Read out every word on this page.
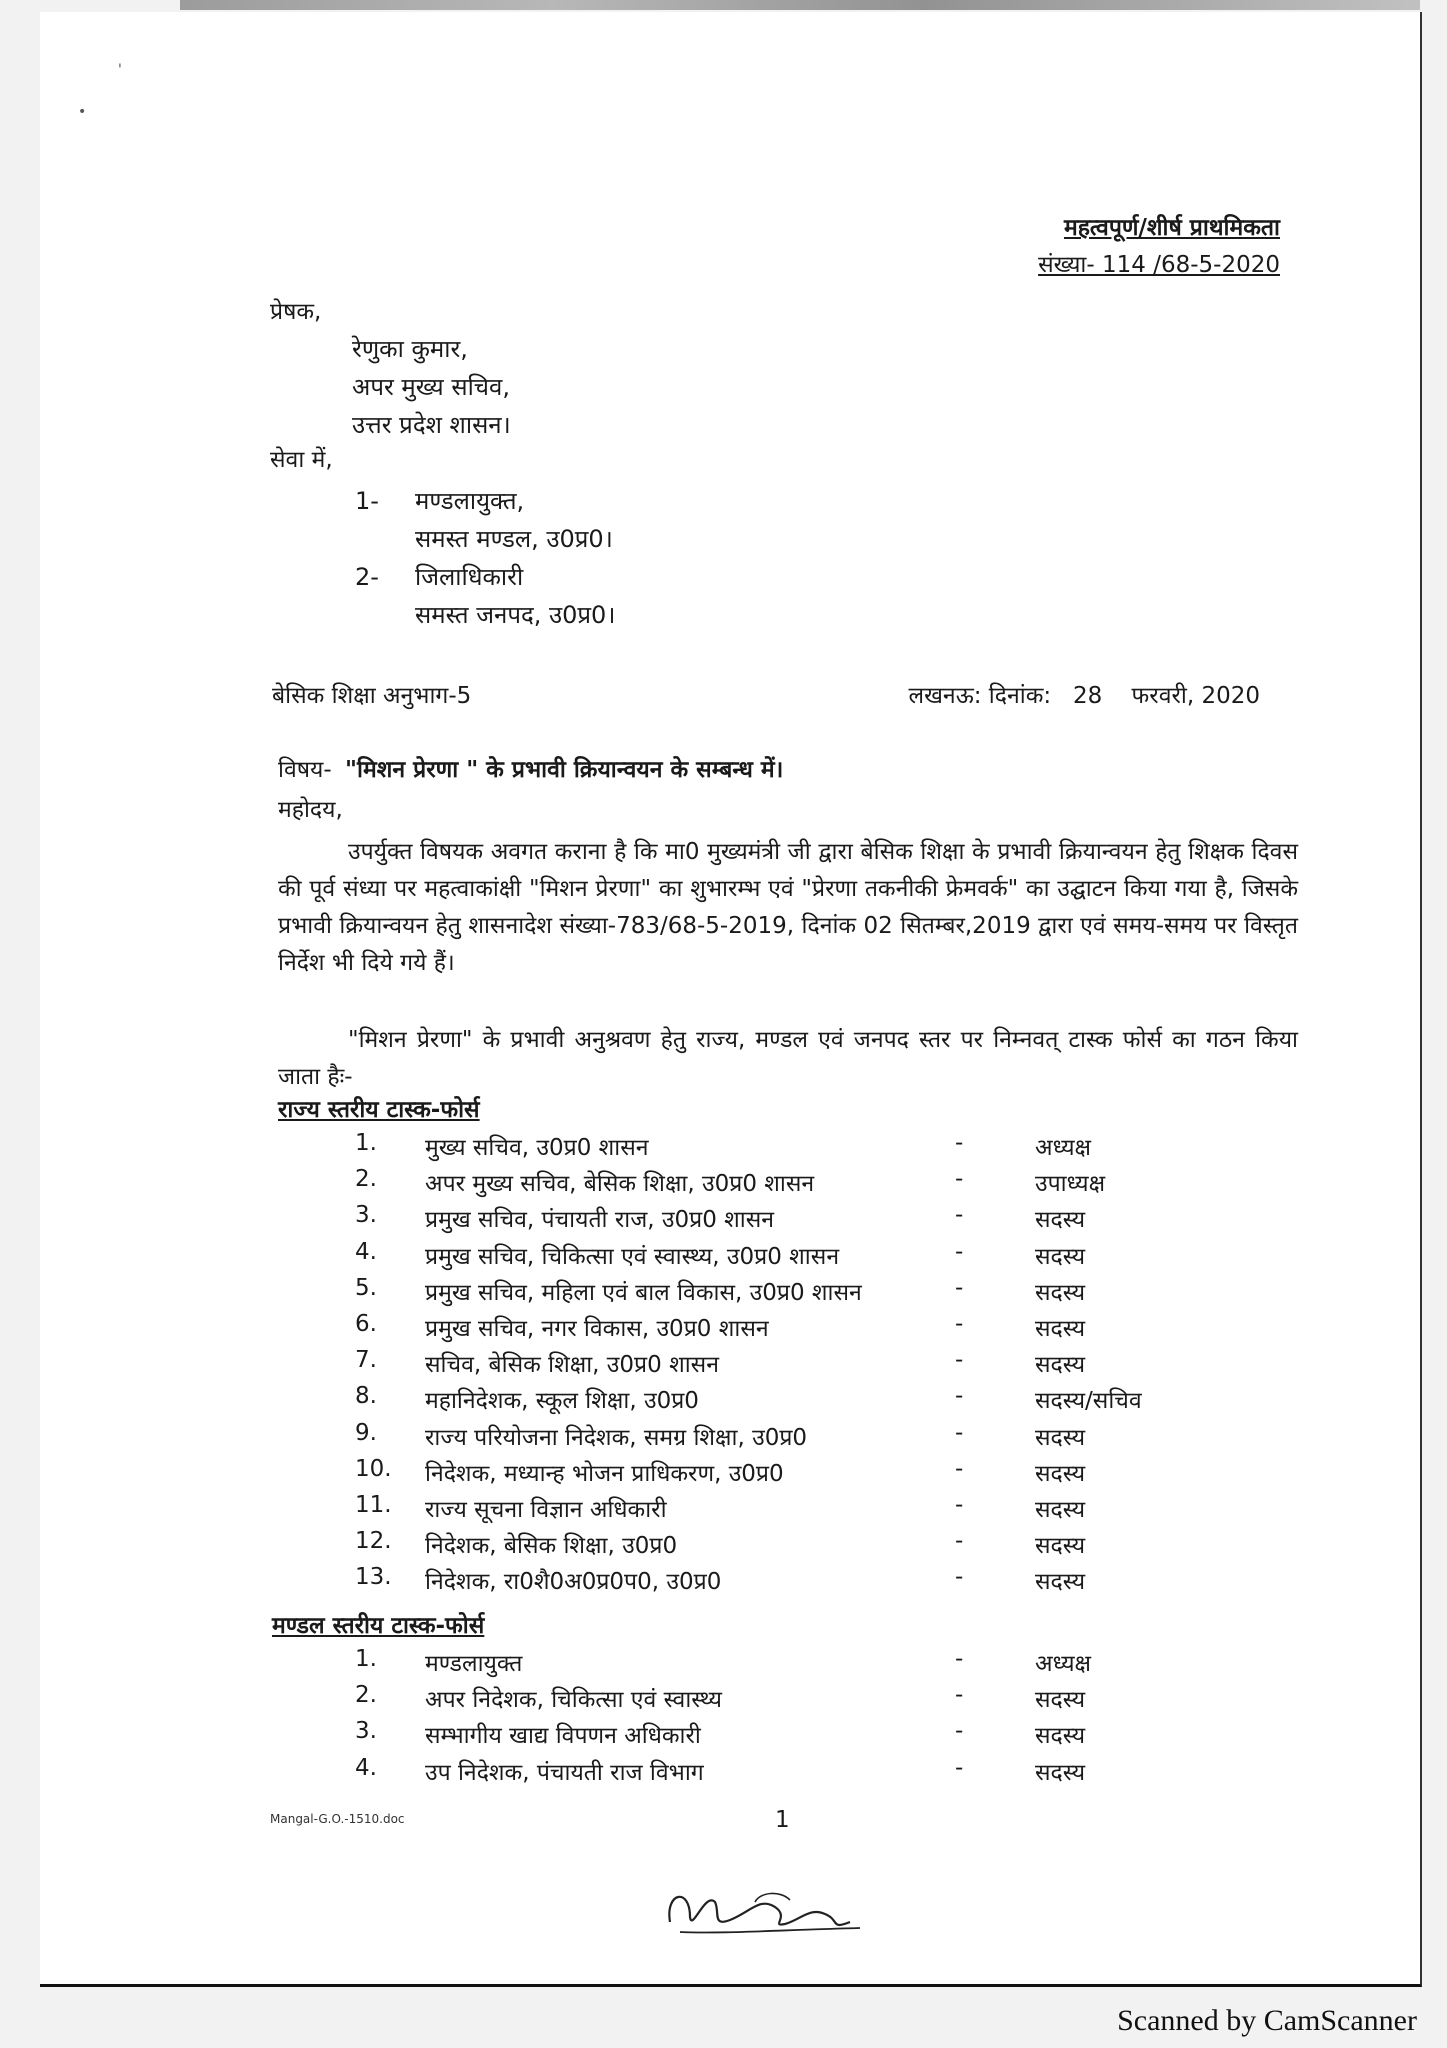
'
•
महत्वपूर्ण/शीर्ष प्राथमिकता
संख्या- 114 /68-5-2020
प्रेषक,
रेणुका कुमार,
अपर मुख्य सचिव,
उत्तर प्रदेश शासन।
सेवा में,
1- मण्डलायुक्त,
समस्त मण्डल, उ0प्र0।
2- जिलाधिकारी
समस्त जनपद, उ0प्र0।
बेसिक शिक्षा अनुभाग-5	लखनऊ: दिनांक:   28    फरवरी, 2020
विषय- "मिशन प्रेरणा " के प्रभावी क्रियान्वयन के सम्बन्ध में।
महोदय,
उपर्युक्त विषयक अवगत कराना है कि मा0 मुख्यमंत्री जी द्वारा बेसिक शिक्षा के प्रभावी क्रियान्वयन हेतु शिक्षक दिवस की पूर्व संध्या पर महत्वाकांक्षी "मिशन प्रेरणा" का शुभारम्भ एवं "प्रेरणा तकनीकी फ्रेमवर्क" का उद्घाटन किया गया है, जिसके प्रभावी क्रियान्वयन हेतु शासनादेश संख्या-783/68-5-2019, दिनांक 02 सितम्बर,2019 द्वारा एवं समय-समय पर विस्तृत निर्देश भी दिये गये हैं।
"मिशन प्रेरणा" के प्रभावी अनुश्रवण हेतु राज्य, मण्डल एवं जनपद स्तर पर निम्नवत् टास्क फोर्स का गठन किया जाता हैः-
राज्य स्तरीय टास्क-फोर्स
1. मुख्य सचिव, उ0प्र0 शासन	-	अध्यक्ष
2. अपर मुख्य सचिव, बेसिक शिक्षा, उ0प्र0 शासन	-	उपाध्यक्ष
3. प्रमुख सचिव, पंचायती राज, उ0प्र0 शासन	-	सदस्य
4. प्रमुख सचिव, चिकित्सा एवं स्वास्थ्य, उ0प्र0 शासन	-	सदस्य
5. प्रमुख सचिव, महिला एवं बाल विकास, उ0प्र0 शासन	-	सदस्य
6. प्रमुख सचिव, नगर विकास, उ0प्र0 शासन	-	सदस्य
7. सचिव, बेसिक शिक्षा, उ0प्र0 शासन	-	सदस्य
8. महानिदेशक, स्कूल शिक्षा, उ0प्र0	-	सदस्य/सचिव
9. राज्य परियोजना निदेशक, समग्र शिक्षा, उ0प्र0	-	सदस्य
10. निदेशक, मध्यान्ह भोजन प्राधिकरण, उ0प्र0	-	सदस्य
11. राज्य सूचना विज्ञान अधिकारी	-	सदस्य
12. निदेशक, बेसिक शिक्षा, उ0प्र0	-	सदस्य
13. निदेशक, रा0शै0अ0प्र0प0, उ0प्र0	-	सदस्य
मण्डल स्तरीय टास्क-फोर्स
1. मण्डलायुक्त	-	अध्यक्ष
2. अपर निदेशक, चिकित्सा एवं स्वास्थ्य	-	सदस्य
3. सम्भागीय खाद्य विपणन अधिकारी	-	सदस्य
4. उप निदेशक, पंचायती राज विभाग	-	सदस्य
Mangal-G.O.-1510.doc	1
Scanned by CamScanner
